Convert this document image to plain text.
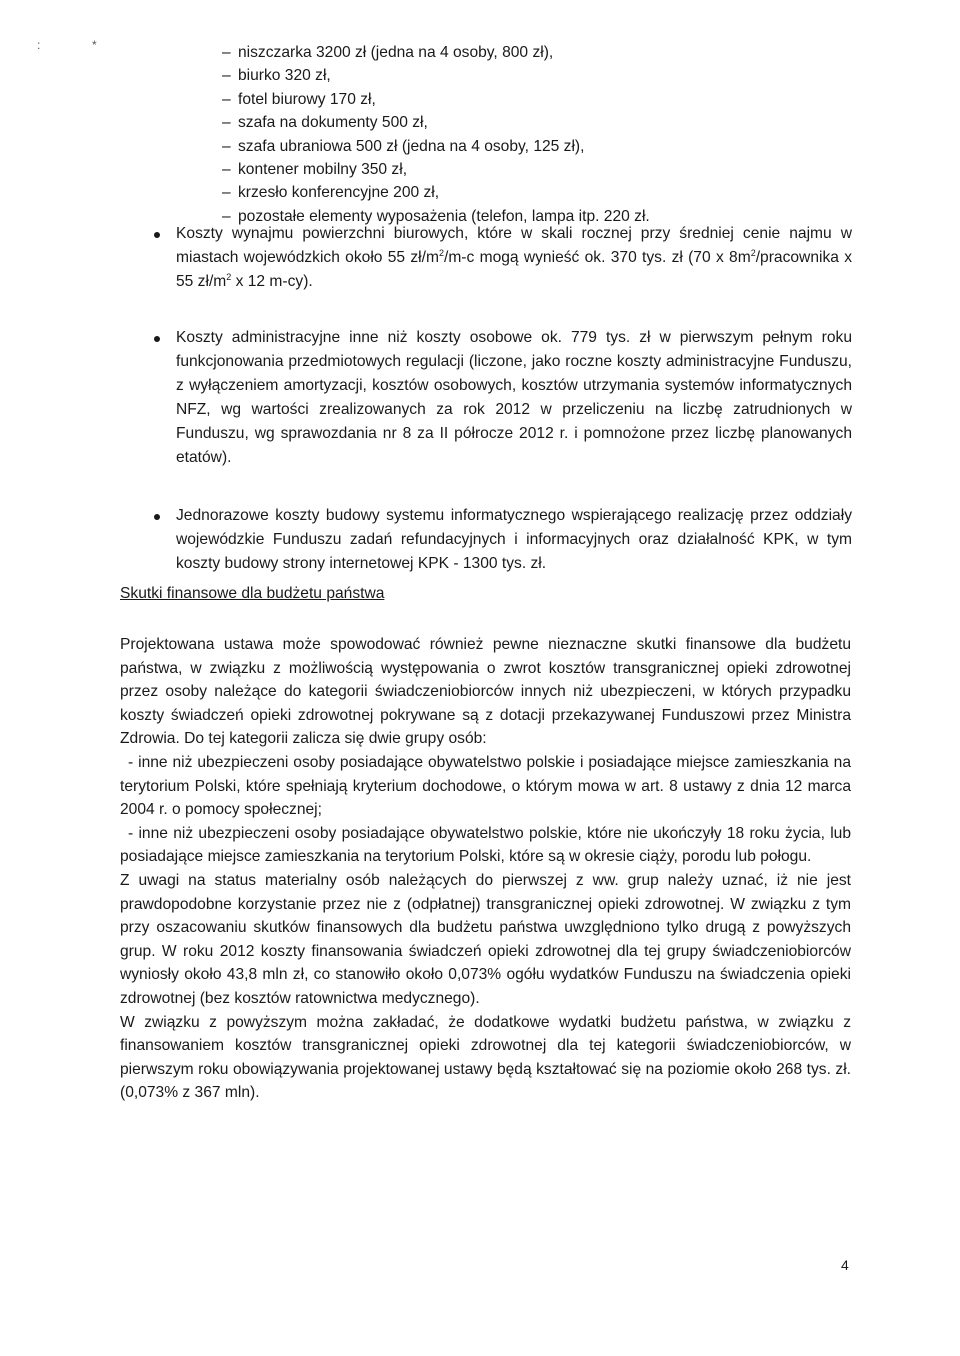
:	*	– niszczarka 3200 zł (jedna na 4 osoby, 800 zł),
– biurko 320 zł,
– fotel biurowy 170 zł,
– szafa na dokumenty 500 zł,
– szafa ubraniowa 500 zł (jedna na 4 osoby, 125 zł),
– kontener mobilny 350 zł,
– krzesło konferencyjne 200 zł,
– pozostałe elementy wyposażenia (telefon, lampa itp. 220 zł.
Koszty wynajmu powierzchni biurowych, które w skali rocznej przy średniej cenie najmu w miastach wojewódzkich około 55 $zł/m^2/m-c$ mogą wynieść ok. 370 tys. zł (70 x $8m^2$/pracownika x 55 $zł/m^2$ x 12 m-cy).
Koszty administracyjne inne niż koszty osobowe ok. 779 tys. zł w pierwszym pełnym roku funkcjonowania przedmiotowych regulacji (liczone, jako roczne koszty administracyjne Funduszu, z wyłączeniem amortyzacji, kosztów osobowych, kosztów utrzymania systemów informatycznych NFZ, wg wartości zrealizowanych za rok 2012 w przeliczeniu na liczbę zatrudnionych w Funduszu, wg sprawozdania nr 8 za II półrocze 2012 r. i pomnożone przez liczbę planowanych etatów).
Jednorazowe koszty budowy systemu informatycznego wspierającego realizację przez oddziały wojewódzkie Funduszu zadań refundacyjnych i informacyjnych oraz działalność KPK, w tym koszty budowy strony internetowej KPK - 1300 tys. zł.
Skutki finansowe dla budżetu państwa

Projektowana ustawa może spowodować również pewne nieznaczne skutki finansowe dla budżetu państwa, w związku z możliwością występowania o zwrot kosztów transgranicznej opieki zdrowotnej przez osoby należące do kategorii świadczeniobiorców innych niż ubezpieczeni, w których przypadku koszty świadczeń opieki zdrowotnej pokrywane są z dotacji przekazywanej Funduszowi przez Ministra Zdrowia. Do tej kategorii zalicza się dwie grupy osób:

- inne niż ubezpieczeni osoby posiadające obywatelstwo polskie i posiadające miejsce zamieszkania na terytorium Polski, które spełniają kryterium dochodowe, o którym mowa w art. 8 ustawy z dnia 12 marca 2004 r. o pomocy społecznej;

- inne niż ubezpieczeni osoby posiadające obywatelstwo polskie, które nie ukończyły 18 roku życia, lub posiadające miejsce zamieszkania na terytorium Polski, które są w okresie ciąży, porodu lub połogu.

Z uwagi na status materialny osób należących do pierwszej z ww. grup należy uznać, iż nie jest prawdopodobne korzystanie przez nie z (odpłatnej) transgranicznej opieki zdrowotnej. W związku z tym przy oszacowaniu skutków finansowych dla budżetu państwa uwzględniono tylko drugą z powyższych grup. W roku 2012 koszty finansowania świadczeń opieki zdrowotnej dla tej grupy świadczeniobiorców wyniosły około 43,8 mln zł, co stanowiło około 0,073% ogółu wydatków Funduszu na świadczenia opieki zdrowotnej (bez kosztów ratownictwa medycznego).

W związku z powyższym można zakładać, że dodatkowe wydatki budżetu państwa, w związku z finansowaniem kosztów transgranicznej opieki zdrowotnej dla tej kategorii świadczeniobiorców, w pierwszym roku obowiązywania projektowanej ustawy będą kształtować się na poziomie około 268 tys. zł. (0,073% z 367 mln).

4
